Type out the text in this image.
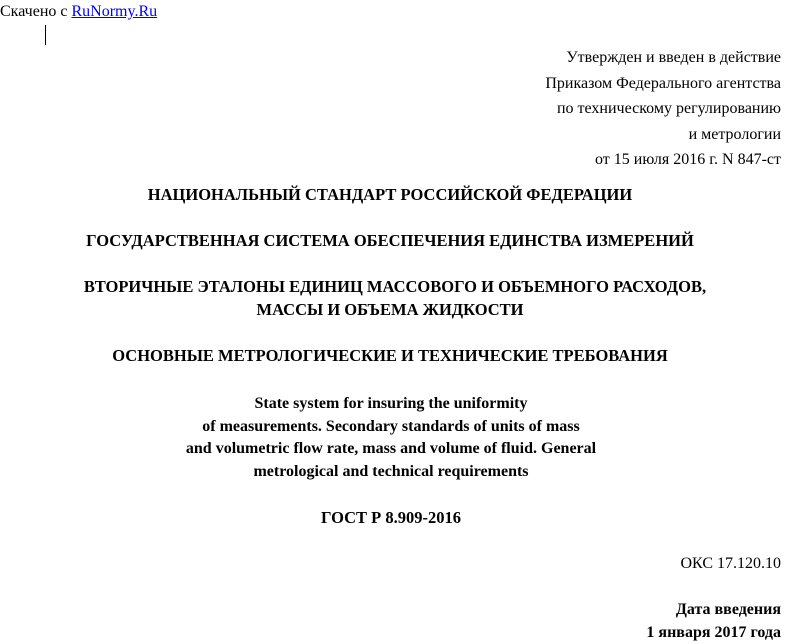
Скачено с RuNormy.Ru
Утвержден и введен в действие
Приказом Федерального агентства
по техническому регулированию
и метрологии
от 15 июля 2016 г. N 847-ст
НАЦИОНАЛЬНЫЙ СТАНДАРТ РОССИЙСКОЙ ФЕДЕРАЦИИ
ГОСУДАРСТВЕННАЯ СИСТЕМА ОБЕСПЕЧЕНИЯ ЕДИНСТВА ИЗМЕРЕНИЙ
ВТОРИЧНЫЕ ЭТАЛОНЫ ЕДИНИЦ МАССОВОГО И ОБЪЕМНОГО РАСХОДОВ,
МАССЫ И ОБЪЕМА ЖИДКОСТИ
ОСНОВНЫЕ МЕТРОЛОГИЧЕСКИЕ И ТЕХНИЧЕСКИЕ ТРЕБОВАНИЯ
State system for insuring the uniformity
of measurements. Secondary standards of units of mass
and volumetric flow rate, mass and volume of fluid. General
metrological and technical requirements
ГОСТ Р 8.909-2016
ОКС 17.120.10
Дата введения
1 января 2017 года
